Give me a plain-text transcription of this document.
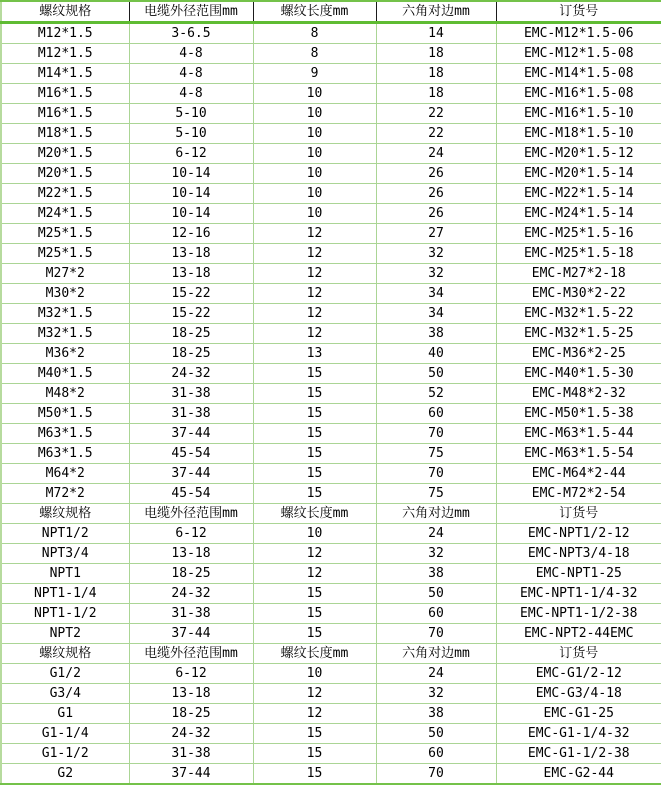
螺纹规格	电缆外径范围mm	螺纹长度mm	六角对边mm	订货号
M12*1.5	3-6.5	8	14	EMC-M12*1.5-06
M12*1.5	4-8	8	18	EMC-M12*1.5-08
M14*1.5	4-8	9	18	EMC-M14*1.5-08
M16*1.5	4-8	10	18	EMC-M16*1.5-08
M16*1.5	5-10	10	22	EMC-M16*1.5-10
M18*1.5	5-10	10	22	EMC-M18*1.5-10
M20*1.5	6-12	10	24	EMC-M20*1.5-12
M20*1.5	10-14	10	26	EMC-M20*1.5-14
M22*1.5	10-14	10	26	EMC-M22*1.5-14
M24*1.5	10-14	10	26	EMC-M24*1.5-14
M25*1.5	12-16	12	27	EMC-M25*1.5-16
M25*1.5	13-18	12	32	EMC-M25*1.5-18
M27*2	13-18	12	32	EMC-M27*2-18
M30*2	15-22	12	34	EMC-M30*2-22
M32*1.5	15-22	12	34	EMC-M32*1.5-22
M32*1.5	18-25	12	38	EMC-M32*1.5-25
M36*2	18-25	13	40	EMC-M36*2-25
M40*1.5	24-32	15	50	EMC-M40*1.5-30
M48*2	31-38	15	52	EMC-M48*2-32
M50*1.5	31-38	15	60	EMC-M50*1.5-38
M63*1.5	37-44	15	70	EMC-M63*1.5-44
M63*1.5	45-54	15	75	EMC-M63*1.5-54
M64*2	37-44	15	70	EMC-M64*2-44
M72*2	45-54	15	75	EMC-M72*2-54
螺纹规格	电缆外径范围mm	螺纹长度mm	六角对边mm	订货号
NPT1/2	6-12	10	24	EMC-NPT1/2-12
NPT3/4	13-18	12	32	EMC-NPT3/4-18
NPT1	18-25	12	38	EMC-NPT1-25
NPT1-1/4	24-32	15	50	EMC-NPT1-1/4-32
NPT1-1/2	31-38	15	60	EMC-NPT1-1/2-38
NPT2	37-44	15	70	EMC-NPT2-44EMC
螺纹规格	电缆外径范围mm	螺纹长度mm	六角对边mm	订货号
G1/2	6-12	10	24	EMC-G1/2-12
G3/4	13-18	12	32	EMC-G3/4-18
G1	18-25	12	38	EMC-G1-25
G1-1/4	24-32	15	50	EMC-G1-1/4-32
G1-1/2	31-38	15	60	EMC-G1-1/2-38
G2	37-44	15	70	EMC-G2-44
